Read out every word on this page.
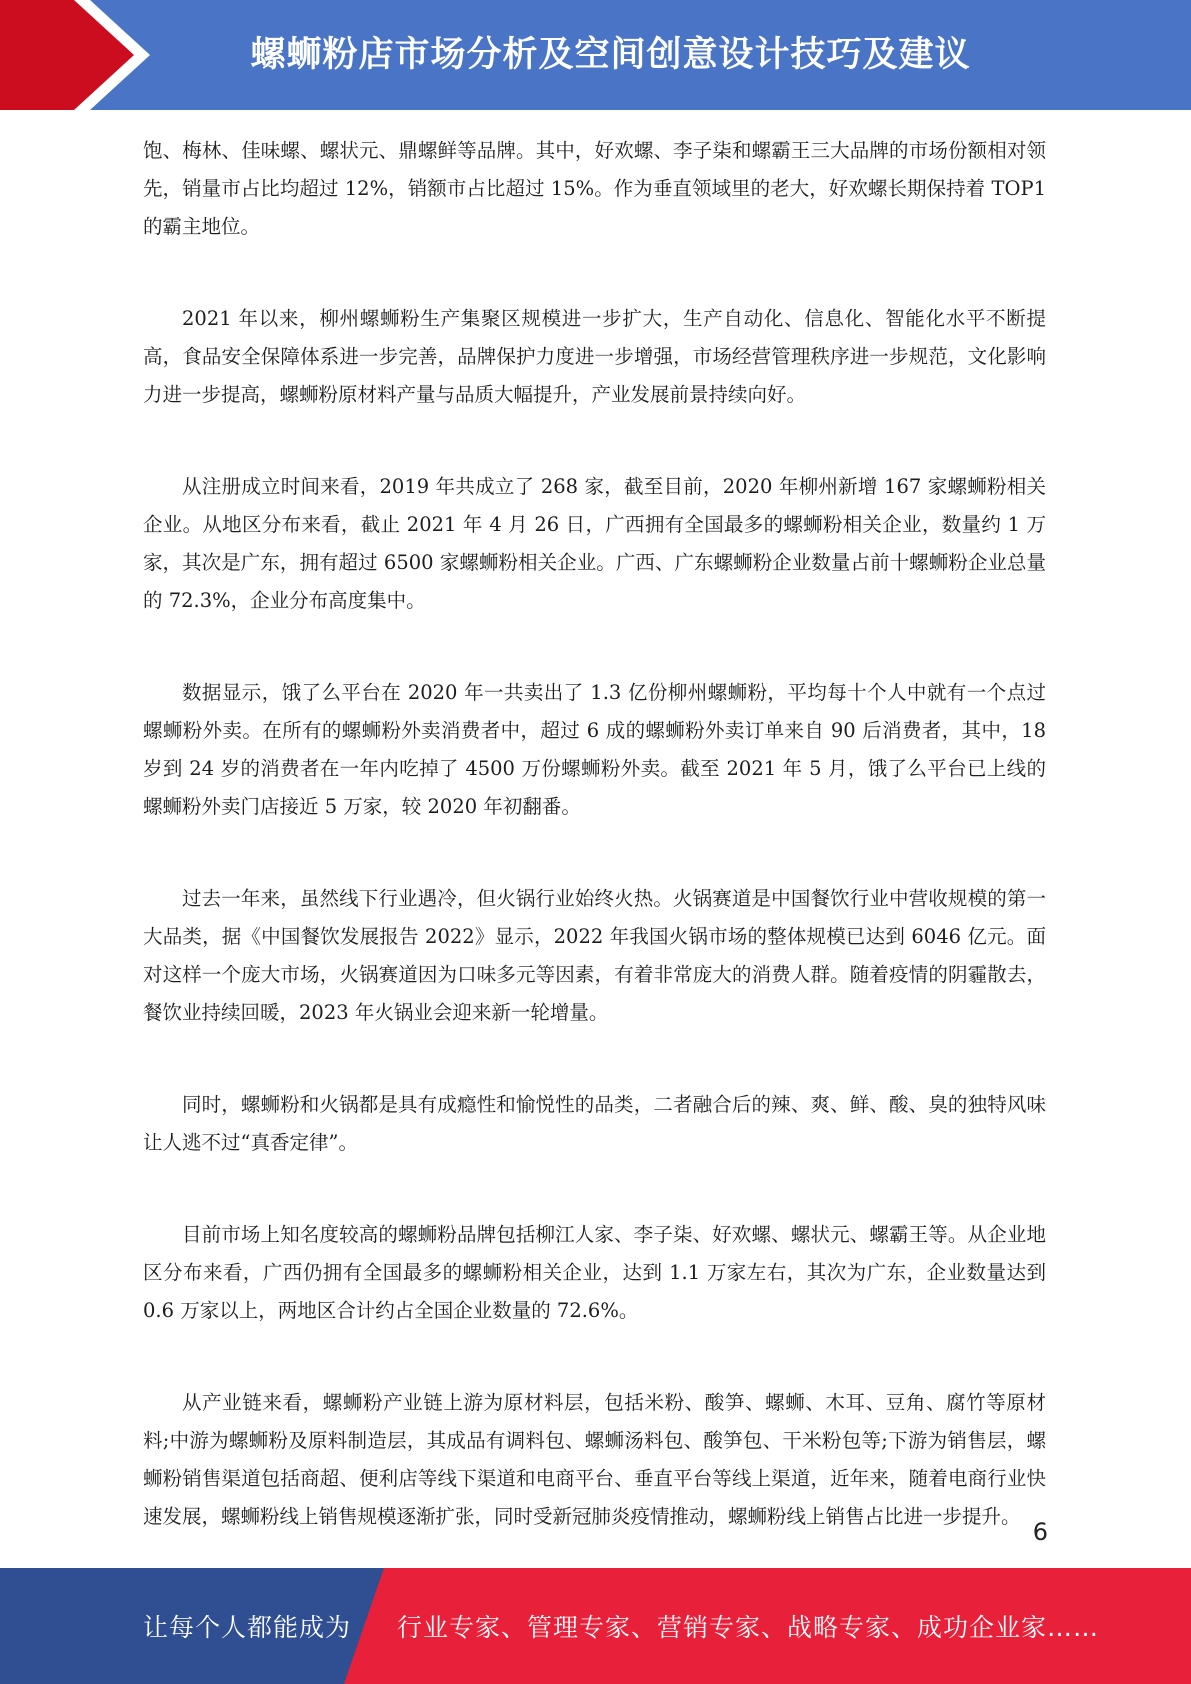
螺蛳粉店市场分析及空间创意设计技巧及建议

饱、梅林、佳味螺、螺状元、鼎螺鲜等品牌。其中，好欢螺、李子柒和螺霸王三大品牌的市场份额相对领先，销量市占比均超过 12%，销额市占比超过 15%。作为垂直领域里的老大，好欢螺长期保持着 TOP1 的霸主地位。

2021 年以来，柳州螺蛳粉生产集聚区规模进一步扩大，生产自动化、信息化、智能化水平不断提高，食品安全保障体系进一步完善，品牌保护力度进一步增强，市场经营管理秩序进一步规范，文化影响力进一步提高，螺蛳粉原材料产量与品质大幅提升，产业发展前景持续向好。

从注册成立时间来看，2019 年共成立了 268 家，截至目前，2020 年柳州新增 167 家螺蛳粉相关企业。从地区分布来看，截止 2021 年 4 月 26 日，广西拥有全国最多的螺蛳粉相关企业，数量约 1 万家，其次是广东，拥有超过 6500 家螺蛳粉相关企业。广西、广东螺蛳粉企业数量占前十螺蛳粉企业总量的 72.3%，企业分布高度集中。

数据显示，饿了么平台在 2020 年一共卖出了 1.3 亿份柳州螺蛳粉，平均每十个人中就有一个点过螺蛳粉外卖。在所有的螺蛳粉外卖消费者中，超过 6 成的螺蛳粉外卖订单来自 90 后消费者，其中，18 岁到 24 岁的消费者在一年内吃掉了 4500 万份螺蛳粉外卖。截至 2021 年 5 月，饿了么平台已上线的螺蛳粉外卖门店接近 5 万家，较 2020 年初翻番。

过去一年来，虽然线下行业遇冷，但火锅行业始终火热。火锅赛道是中国餐饮行业中营收规模的第一大品类，据《中国餐饮发展报告 2022》显示，2022 年我国火锅市场的整体规模已达到 6046 亿元。面对这样一个庞大市场，火锅赛道因为口味多元等因素，有着非常庞大的消费人群。随着疫情的阴霾散去，餐饮业持续回暖，2023 年火锅业会迎来新一轮增量。

同时，螺蛳粉和火锅都是具有成瘾性和愉悦性的品类，二者融合后的辣、爽、鲜、酸、臭的独特风味让人逃不过“真香定律”。

目前市场上知名度较高的螺蛳粉品牌包括柳江人家、李子柒、好欢螺、螺状元、螺霸王等。从企业地区分布来看，广西仍拥有全国最多的螺蛳粉相关企业，达到 1.1 万家左右，其次为广东，企业数量达到 0.6 万家以上，两地区合计约占全国企业数量的 72.6%。

从产业链来看，螺蛳粉产业链上游为原材料层，包括米粉、酸笋、螺蛳、木耳、豆角、腐竹等原材料;中游为螺蛳粉及原料制造层，其成品有调料包、螺蛳汤料包、酸笋包、干米粉包等;下游为销售层，螺蛳粉销售渠道包括商超、便利店等线下渠道和电商平台、垂直平台等线上渠道，近年来，随着电商行业快速发展，螺蛳粉线上销售规模逐渐扩张，同时受新冠肺炎疫情推动，螺蛳粉线上销售占比进一步提升。

6
让每个人都能成为 行业专家、管理专家、营销专家、战略专家、成功企业家……
